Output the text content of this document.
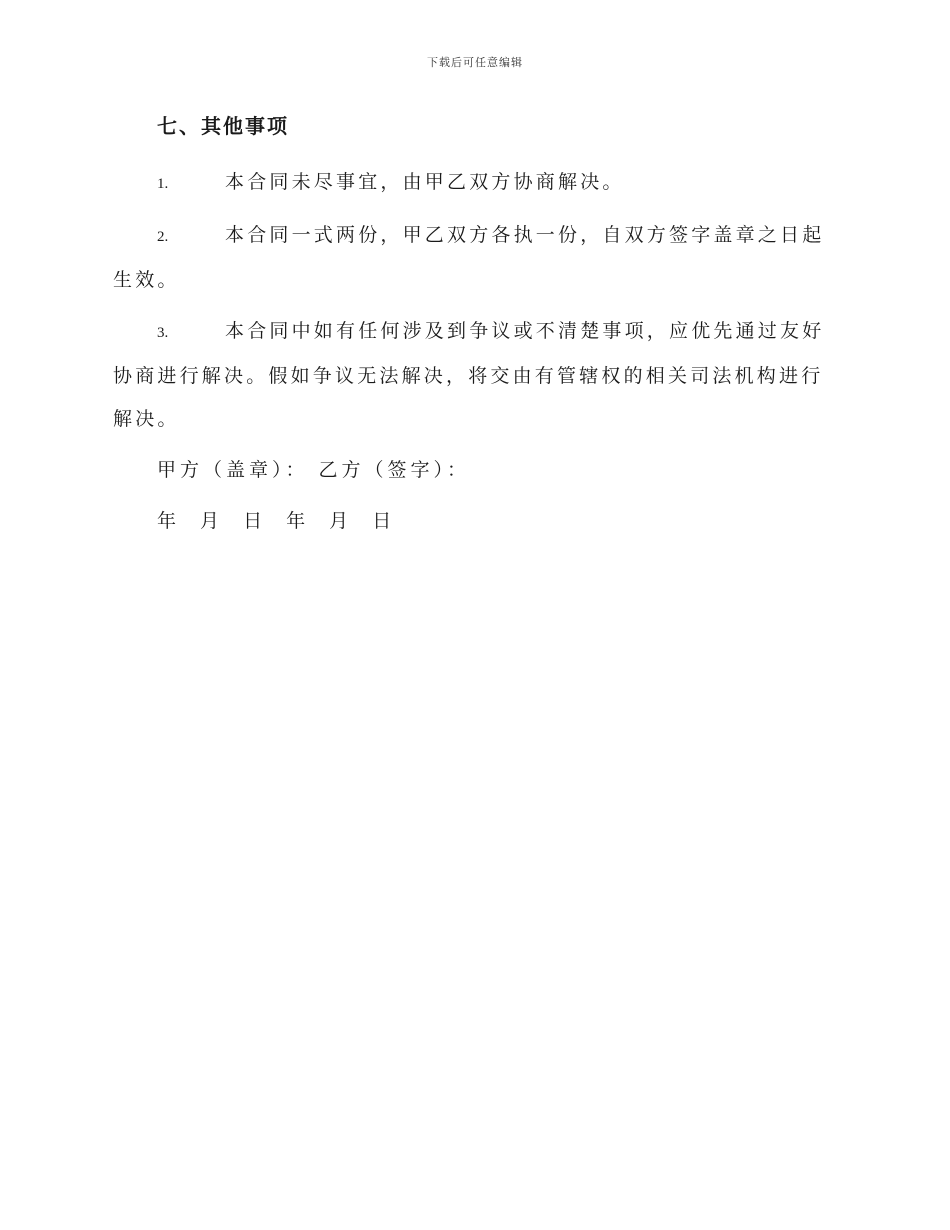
下载后可任意编辑
七、其他事项

1.	本合同未尽事宜，由甲乙双方协商解决。

2.	本合同一式两份，甲乙双方各执一份，自双方签字盖章之日起生效。

3.	本合同中如有任何涉及到争议或不清楚事项，应优先通过友好协商进行解决。假如争议无法解决，将交由有管辖权的相关司法机构进行解决。

甲方（盖章）： 乙方（签字）：

年 月 日 年 月 日
